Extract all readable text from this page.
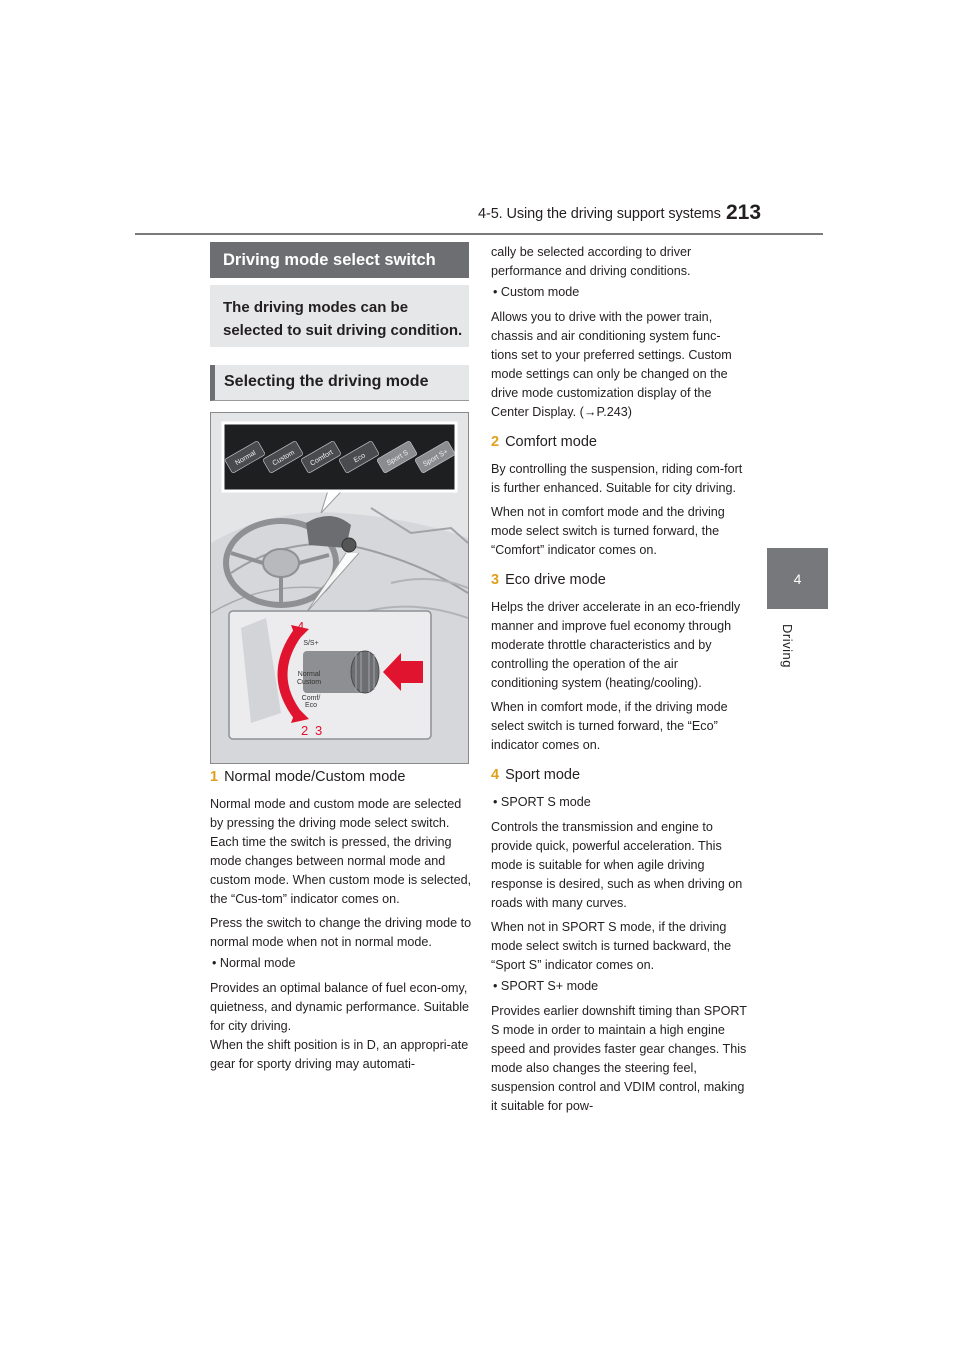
4-5. Using the driving support systems 213
4
Driving
Driving mode select switch
The driving modes can be selected to suit driving condition.
Selecting the driving mode
Normal Custom Comfort	Eco	Sport S Sport S+
S/S+
Normal
Custom
Comf/
Eco
1
2 3
4
1 Normal mode/Custom mode

Normal mode and custom mode are selected by pressing the driving mode select switch. Each time the switch is pressed, the driving mode changes between normal mode and custom mode. When custom mode is selected, the “Cus-tom” indicator comes on.

Press the switch to change the driving mode to normal mode when not in normal mode.

• Normal mode

Provides an optimal balance of fuel econ-omy, quietness, and dynamic performance. Suitable for city driving.
When the shift position is in D, an appropri-ate gear for sporty driving may automati-

cally be selected according to driver performance and driving conditions.

• Custom mode

Allows you to drive with the power train, chassis and air conditioning system func-tions set to your preferred settings. Custom mode settings can only be changed on the drive mode customization display of the Center Display. (→P.243)

2 Comfort mode

By controlling the suspension, riding com-fort is further enhanced. Suitable for city driving.

When not in comfort mode and the driving mode select switch is turned forward, the “Comfort” indicator comes on.

3 Eco drive mode

Helps the driver accelerate in an eco-friendly manner and improve fuel economy through moderate throttle characteristics and by controlling the operation of the air conditioning system (heating/cooling).

When in comfort mode, if the driving mode select switch is turned forward, the “Eco” indicator comes on.

4 Sport mode

• SPORT S mode

Controls the transmission and engine to provide quick, powerful acceleration. This mode is suitable for when agile driving response is desired, such as when driving on roads with many curves.

When not in SPORT S mode, if the driving mode select switch is turned backward, the “Sport S” indicator comes on.

• SPORT S+ mode

Provides earlier downshift timing than SPORT S mode in order to maintain a high engine speed and provides faster gear changes. This mode also changes the steering feel, suspension control and VDIM control, making it suitable for pow-
